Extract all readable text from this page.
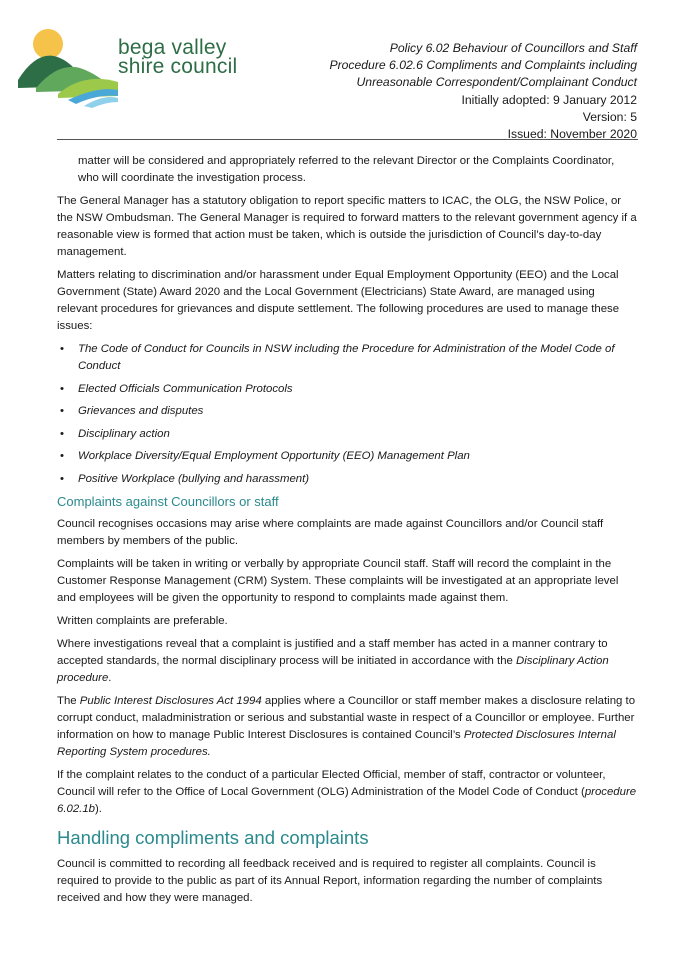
bega valley
shire council
Policy 6.02 Behaviour of Councillors and Staff
Procedure 6.02.6 Compliments and Complaints including
Unreasonable Correspondent/Complainant Conduct
Initially adopted: 9 January 2012
Version: 5
Issued: November 2020

matter will be considered and appropriately referred to the relevant Director or the Complaints Coordinator, who will coordinate the investigation process.

The General Manager has a statutory obligation to report specific matters to ICAC, the OLG, the NSW Police, or the NSW Ombudsman. The General Manager is required to forward matters to the relevant government agency if a reasonable view is formed that action must be taken, which is outside the jurisdiction of Council’s day-to-day management.

Matters relating to discrimination and/or harassment under Equal Employment Opportunity (EEO) and the Local Government (State) Award 2020 and the Local Government (Electricians) State Award, are managed using relevant procedures for grievances and dispute settlement. The following procedures are used to manage these issues:

• The Code of Conduct for Councils in NSW including the Procedure for Administration of the Model Code of Conduct
• Elected Officials Communication Protocols
• Grievances and disputes
• Disciplinary action
• Workplace Diversity/Equal Employment Opportunity (EEO) Management Plan
• Positive Workplace (bullying and harassment)
Complaints against Councillors or staff

Council recognises occasions may arise where complaints are made against Councillors and/or Council staff members by members of the public.

Complaints will be taken in writing or verbally by appropriate Council staff. Staff will record the complaint in the Customer Response Management (CRM) System. These complaints will be investigated at an appropriate level and employees will be given the opportunity to respond to complaints made against them.

Written complaints are preferable.

Where investigations reveal that a complaint is justified and a staff member has acted in a manner contrary to accepted standards, the normal disciplinary process will be initiated in accordance with the Disciplinary Action procedure.

The Public Interest Disclosures Act 1994 applies where a Councillor or staff member makes a disclosure relating to corrupt conduct, maladministration or serious and substantial waste in respect of a Councillor or employee. Further information on how to manage Public Interest Disclosures is contained Council’s Protected Disclosures Internal Reporting System procedures.

If the complaint relates to the conduct of a particular Elected Official, member of staff, contractor or volunteer, Council will refer to the Office of Local Government (OLG) Administration of the Model Code of Conduct (procedure 6.02.1b).

Handling compliments and complaints

Council is committed to recording all feedback received and is required to register all complaints. Council is required to provide to the public as part of its Annual Report, information regarding the number of complaints received and how they were managed.
